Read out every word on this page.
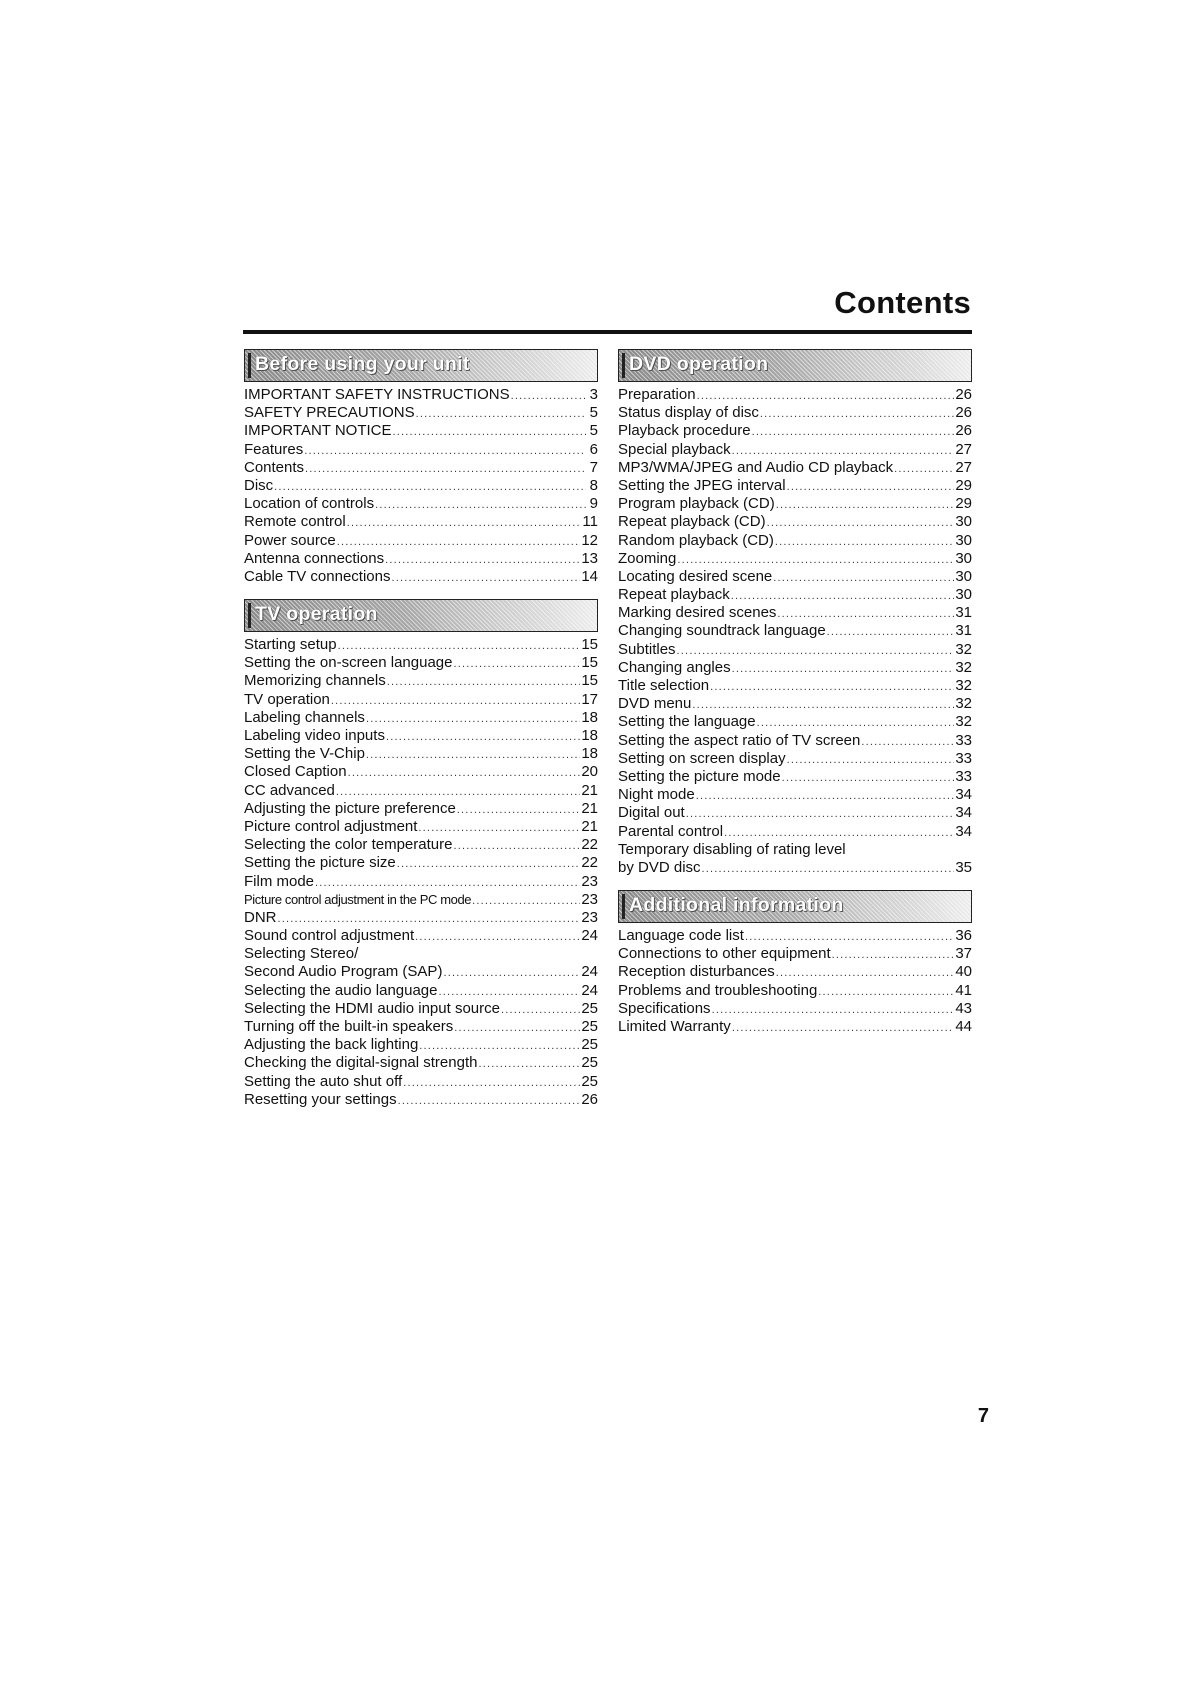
Contents
Before using your unit
IMPORTANT SAFETY INSTRUCTIONS .....	3
SAFETY PRECAUTIONS .....	5
IMPORTANT NOTICE .....	5
Features .....	6
Contents .....	7
Disc .....	8
Location of controls .....	9
Remote control .....	11
Power source .....	12
Antenna connections .....	13
Cable TV connections .....	14
TV operation
Starting setup .....	15
Setting the on-screen language .....	15
Memorizing channels .....	15
TV operation .....	17
Labeling channels .....	18
Labeling video inputs .....	18
Setting the V-Chip .....	18
Closed Caption .....	20
CC advanced .....	21
Adjusting the picture preference .....	21
Picture control adjustment .....	21
Selecting the color temperature .....	22
Setting the picture size .....	22
Film mode .....	23
Picture control adjustment in the PC mode .....	23
DNR .....	23
Sound control adjustment .....	24
Selecting Stereo/
Second Audio Program (SAP) .....	24
Selecting the audio language .....	24
Selecting the HDMI audio input source .....	25
Turning off the built-in speakers .....	25
Adjusting the back lighting .....	25
Checking the digital-signal strength .....	25
Setting the auto shut off .....	25
Resetting your settings .....	26
DVD operation
Preparation .....	26
Status display of disc .....	26
Playback procedure .....	26
Special playback .....	27
MP3/WMA/JPEG and Audio CD playback .....	27
Setting the JPEG interval .....	29
Program playback (CD) .....	29
Repeat playback (CD) .....	30
Random playback (CD) .....	30
Zooming .....	30
Locating desired scene .....	30
Repeat playback .....	30
Marking desired scenes .....	31
Changing soundtrack language .....	31
Subtitles .....	32
Changing angles .....	32
Title selection .....	32
DVD menu .....	32
Setting the language .....	32
Setting the aspect ratio of TV screen .....	33
Setting on screen display .....	33
Setting the picture mode .....	33
Night mode .....	34
Digital out .....	34
Parental control .....	34
Temporary disabling of rating level
by DVD disc .....	35
Additional information
Language code list .....	36
Connections to other equipment .....	37
Reception disturbances .....	40
Problems and troubleshooting .....	41
Specifications .....	43
Limited Warranty .....	44

7
